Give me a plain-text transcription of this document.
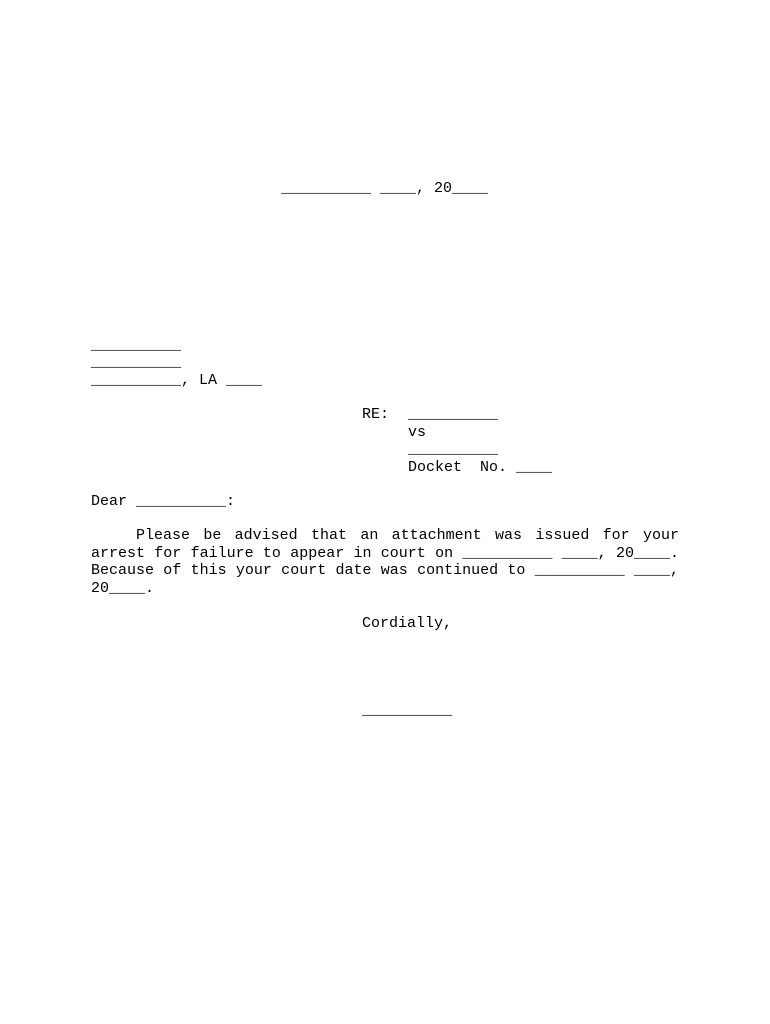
__________ ____, 20____

__________

__________

__________, LA ____

RE: __________

vs

__________

Docket  No. ____

Dear __________:

Please be advised that an attachment was issued for your arrest for failure to appear in court on __________ ____, 20____. Because of this your court date was continued to __________ ____, 20____.

Cordially,

__________
